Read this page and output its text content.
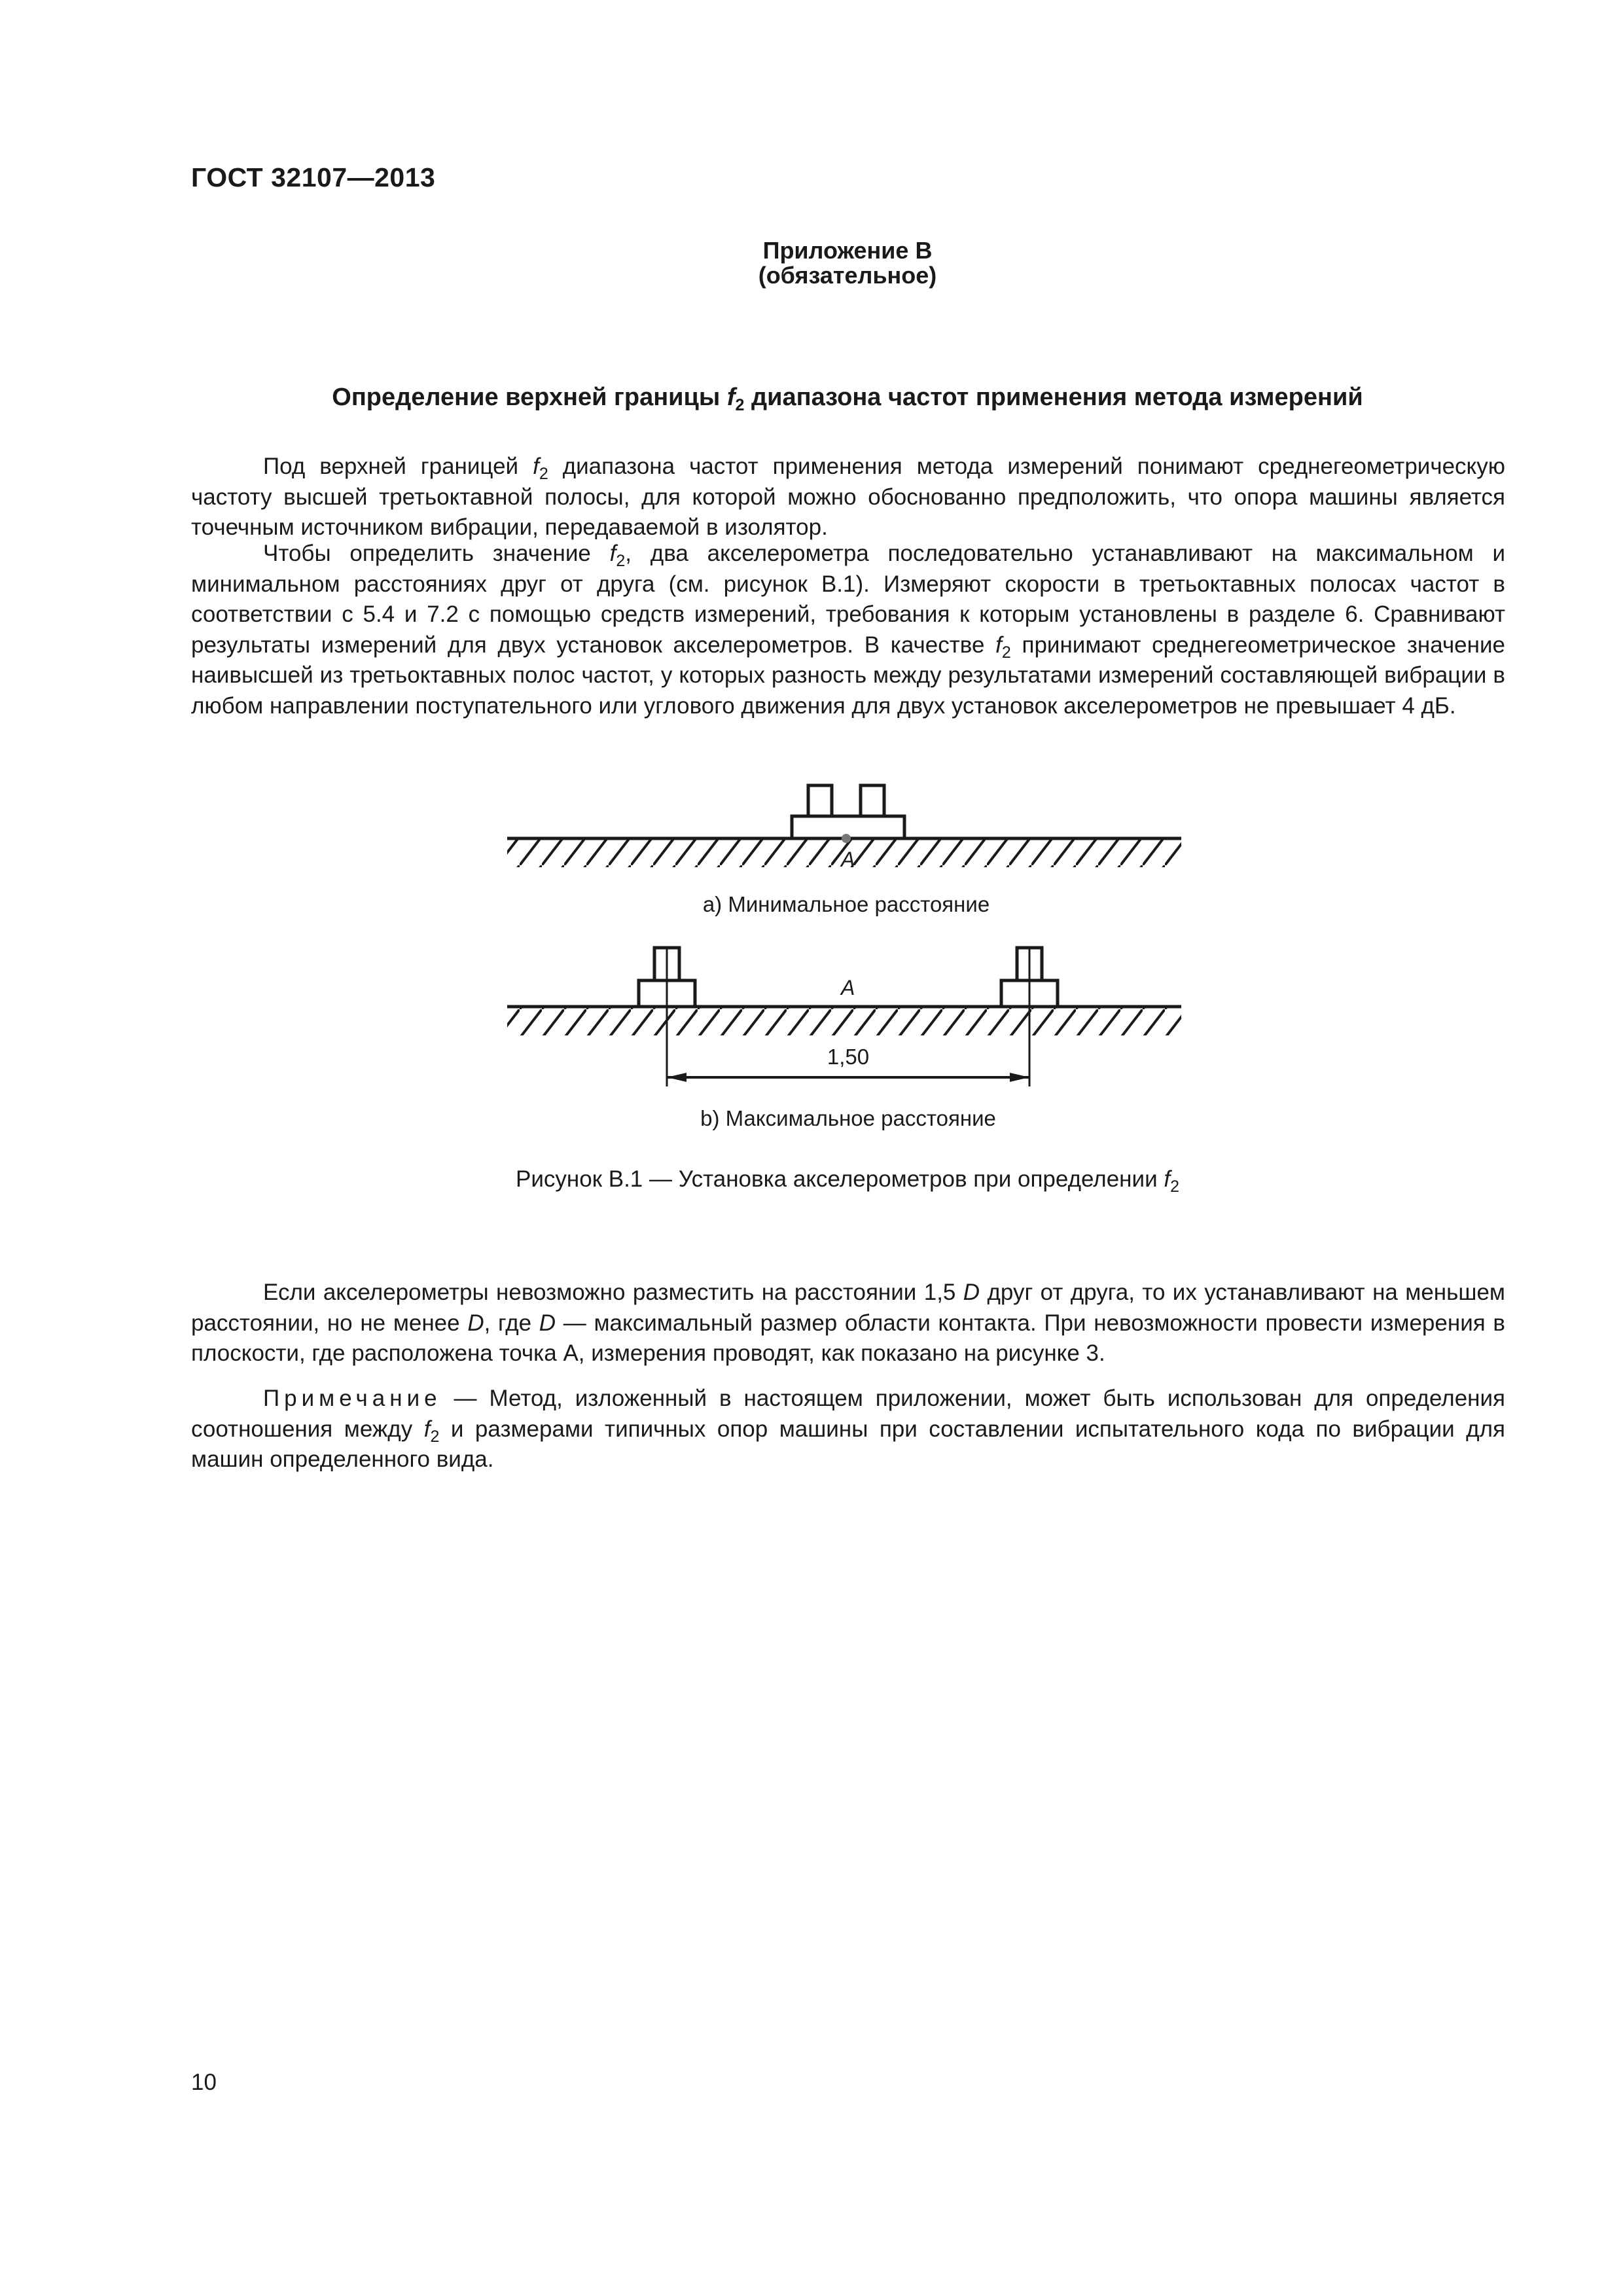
ГОСТ 32107—2013
Приложение В
(обязательное)
Определение верхней границы $f_2$ диапазона частот применения метода измерений

Под верхней границей $f_2$ диапазона частот применения метода измерений понимают среднегеометрическую частоту высшей третьоктавной полосы, для которой можно обоснованно предположить, что опора машины является точечным источником вибрации, передаваемой в изолятор.

Чтобы определить значение $f_2$, два акселерометра последовательно устанавливают на максимальном и минимальном расстояниях друг от друга (см. рисунок В.1). Измеряют скорости в третьоктавных полосах частот в соответствии с 5.4 и 7.2 с помощью средств измерений, требования к которым установлены в разделе 6. Сравнивают результаты измерений для двух установок акселерометров. В качестве $f_2$ принимают среднегеометрическое значение наивысшей из третьоктавных полос частот, у которых разность между результатами измерений составляющей вибрации в любом направлении поступательного или углового движения для двух установок акселерометров не превышает 4 дБ.

A
a) Минимальное расстояние
A
1,50
b) Максимальное расстояние
Рисунок В.1 — Установка акселерометров при определении $f_2$

Если акселерометры невозможно разместить на расстоянии 1,5 D друг от друга, то их устанавливают на меньшем расстоянии, но не менее D, где D — максимальный размер области контакта. При невозможности провести измерения в плоскости, где расположена точка А, измерения проводят, как показано на рисунке 3.

Примечание — Метод, изложенный в настоящем приложении, может быть использован для определения соотношения между $f_2$ и размерами типичных опор машины при составлении испытательного кода по вибрации для машин определенного вида.

10
